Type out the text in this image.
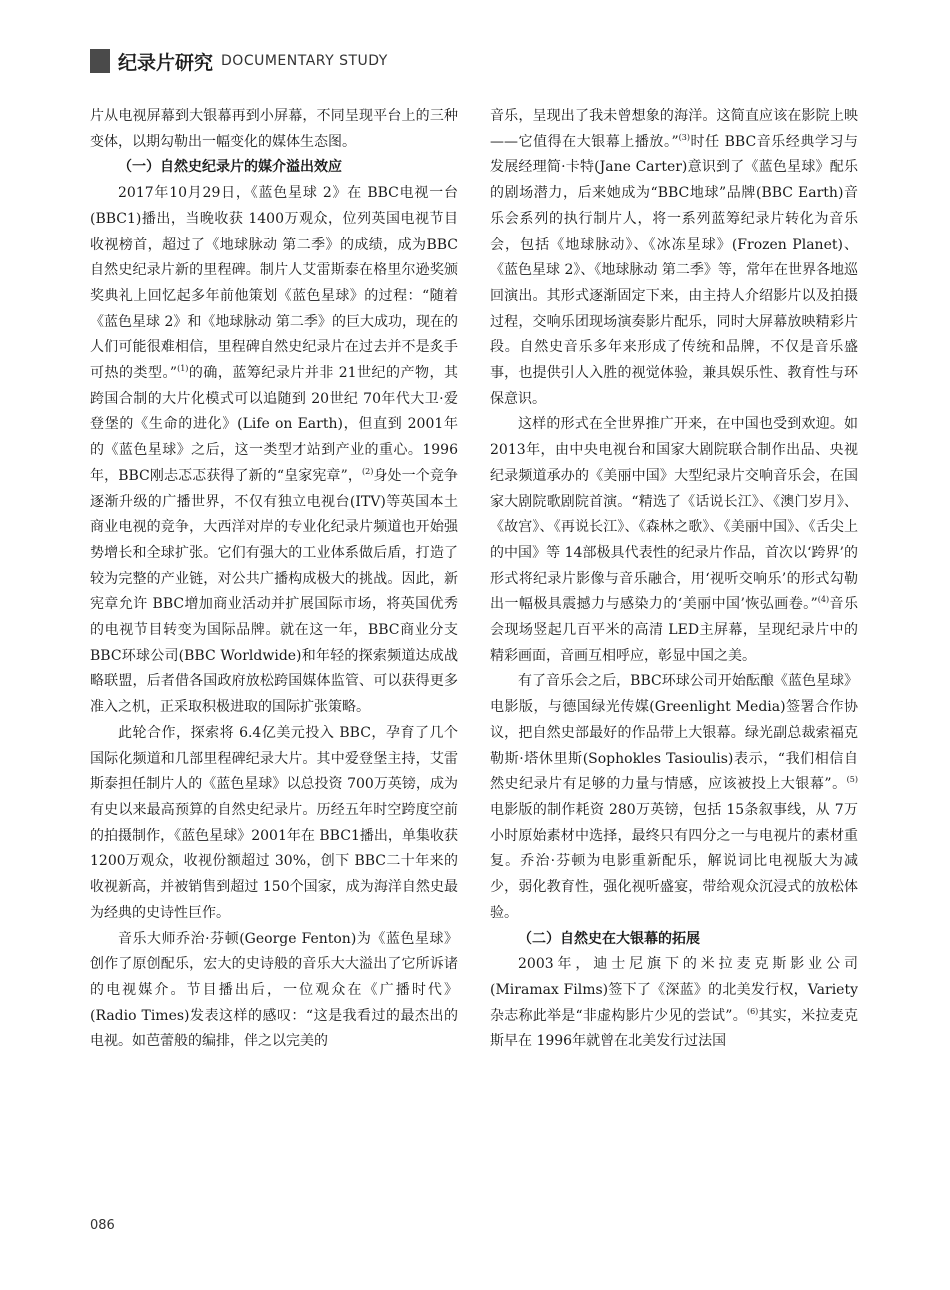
纪录片研究 DOCUMENTARY STUDY

片从电视屏幕到大银幕再到小屏幕，不同呈现平台上的三种变体，以期勾勒出一幅变化的媒体生态图。

（一）自然史纪录片的媒介溢出效应

2017年10月29日，《蓝色星球 2》在 BBC电视一台(BBC1)播出，当晚收获 1400万观众，位列英国电视节目收视榜首，超过了《地球脉动 第二季》的成绩，成为BBC自然史纪录片新的里程碑。制片人艾雷斯泰在格里尔逊奖颁奖典礼上回忆起多年前他策划《蓝色星球》的过程：“随着《蓝色星球 2》和《地球脉动 第二季》的巨大成功，现在的人们可能很难相信，里程碑自然史纪录片在过去并不是炙手可热的类型。”$^{(1)}$的确，蓝筹纪录片并非 21世纪的产物，其跨国合制的大片化模式可以追随到 20世纪 70年代大卫·爱登堡的《生命的进化》(Life on Earth)，但直到 2001年的《蓝色星球》之后，这一类型才站到产业的重心。1996年，BBC刚忐忑忑获得了新的“皇家宪章”，$^{(2)}$身处一个竞争逐渐升级的广播世界，不仅有独立电视台(ITV)等英国本土商业电视的竞争，大西洋对岸的专业化纪录片频道也开始强势增长和全球扩张。它们有强大的工业体系做后盾，打造了较为完整的产业链，对公共广播构成极大的挑战。因此，新宪章允许 BBC增加商业活动并扩展国际市场，将英国优秀的电视节目转变为国际品牌。就在这一年，BBC商业分支 BBC环球公司(BBC Worldwide)和年轻的探索频道达成战略联盟，后者借各国政府放松跨国媒体监管、可以获得更多准入之机，正采取积极进取的国际扩张策略。

此轮合作，探索将 6.4亿美元投入 BBC，孕育了几个国际化频道和几部里程碑纪录大片。其中爱登堡主持，艾雷斯泰担任制片人的《蓝色星球》以总投资 700万英镑，成为有史以来最高预算的自然史纪录片。历经五年时空跨度空前的拍摄制作，《蓝色星球》2001年在 BBC1播出，单集收获 1200万观众，收视份额超过 30%，创下 BBC二十年来的收视新高，并被销售到超过 150个国家，成为海洋自然史最为经典的史诗性巨作。

音乐大师乔治·芬顿(George Fenton)为《蓝色星球》创作了原创配乐，宏大的史诗般的音乐大大溢出了它所诉诸的电视媒介。节目播出后，一位观众在《广播时代》(Radio Times)发表这样的感叹：“这是我看过的最杰出的电视。如芭蕾般的编排，伴之以完美的

音乐，呈现出了我未曾想象的海洋。这简直应该在影院上映——它值得在大银幕上播放。”$^{(3)}$时任 BBC音乐经典学习与发展经理简·卡特(Jane Carter)意识到了《蓝色星球》配乐的剧场潜力，后来她成为“BBC地球”品牌(BBC Earth)音乐会系列的执行制片人，将一系列蓝筹纪录片转化为音乐会，包括《地球脉动》、《冰冻星球》(Frozen Planet)、《蓝色星球 2》、《地球脉动 第二季》等，常年在世界各地巡回演出。其形式逐渐固定下来，由主持人介绍影片以及拍摄过程，交响乐团现场演奏影片配乐，同时大屏幕放映精彩片段。自然史音乐多年来形成了传统和品牌，不仅是音乐盛事，也提供引人入胜的视觉体验，兼具娱乐性、教育性与环保意识。

这样的形式在全世界推广开来，在中国也受到欢迎。如 2013年，由中央电视台和国家大剧院联合制作出品、央视纪录频道承办的《美丽中国》大型纪录片交响音乐会，在国家大剧院歌剧院首演。“精选了《话说长江》、《澳门岁月》、《故宫》、《再说长江》、《森林之歌》、《美丽中国》、《舌尖上的中国》等 14部极具代表性的纪录片作品，首次以‘跨界’的形式将纪录片影像与音乐融合，用‘视听交响乐’的形式勾勒出一幅极具震撼力与感染力的‘美丽中国’恢弘画卷。”$^{(4)}$音乐会现场竖起几百平米的高清 LED主屏幕，呈现纪录片中的精彩画面，音画互相呼应，彰显中国之美。

有了音乐会之后，BBC环球公司开始酝酿《蓝色星球》电影版，与德国绿光传媒(Greenlight Media)签署合作协议，把自然史部最好的作品带上大银幕。绿光副总裁索福克勒斯·塔休里斯(Sophokles Tasioulis)表示，“我们相信自然史纪录片有足够的力量与情感，应该被投上大银幕”。$^{(5)}$电影版的制作耗资 280万英镑，包括 15条叙事线，从 7万小时原始素材中选择，最终只有四分之一与电视片的素材重复。乔治·芬顿为电影重新配乐，解说词比电视版大为减少，弱化教育性，强化视听盛宴，带给观众沉浸式的放松体验。

（二）自然史在大银幕的拓展

2003年，迪士尼旗下的米拉麦克斯影业公司(Miramax Films)签下了《深蓝》的北美发行权，Variety杂志称此举是“非虚构影片少见的尝试”。$^{(6)}$其实，米拉麦克斯早在 1996年就曾在北美发行过法国

086
